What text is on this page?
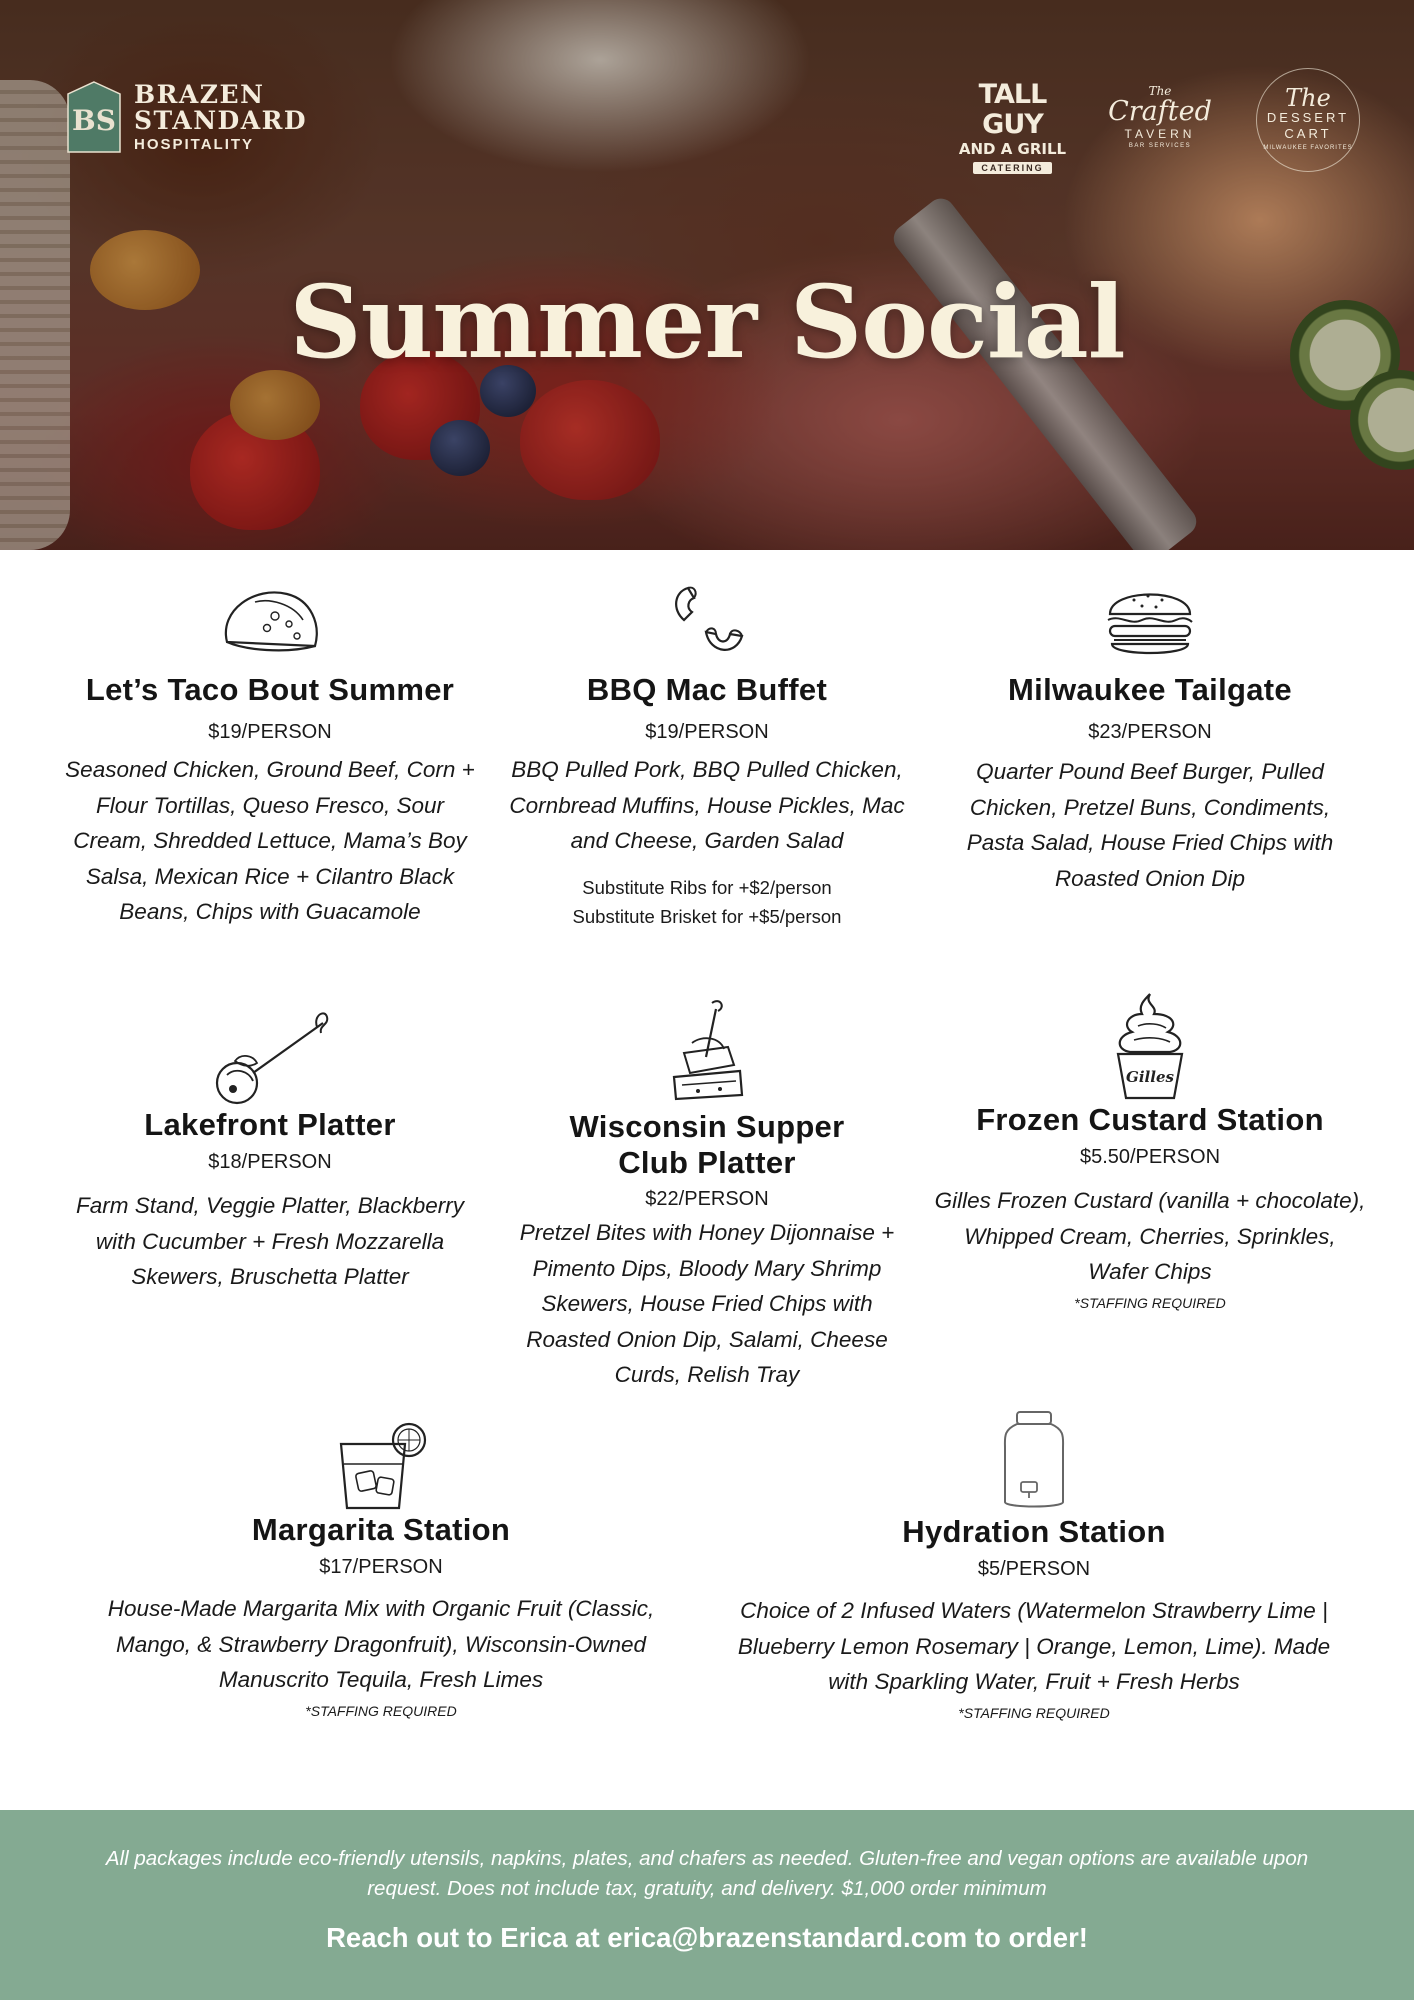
BS
BRAZEN
STANDARD
HOSPITALITY
TALL GUY
AND A GRILL
CATERING
The
Crafted
TAVERN
BAR SERVICES
The
DESSERT
CART
MILWAUKEE FAVORITES
Summer Social
Let’s Taco Bout Summer
$19/PERSON
Seasoned Chicken, Ground Beef, Corn + Flour Tortillas, Queso Fresco, Sour Cream, Shredded Lettuce, Mama’s Boy Salsa, Mexican Rice + Cilantro Black Beans, Chips with Guacamole
BBQ Mac Buffet
$19/PERSON
BBQ Pulled Pork, BBQ Pulled Chicken, Cornbread Muffins, House Pickles, Mac and Cheese, Garden Salad
Substitute Ribs for +$2/person
Substitute Brisket for +$5/person
Milwaukee Tailgate
$23/PERSON
Quarter Pound Beef Burger, Pulled Chicken, Pretzel Buns, Condiments, Pasta Salad, House Fried Chips with Roasted Onion Dip
Lakefront Platter
$18/PERSON
Farm Stand, Veggie Platter, Blackberry with Cucumber + Fresh Mozzarella Skewers, Bruschetta Platter
Wisconsin Supper Club Platter
$22/PERSON
Pretzel Bites with Honey Dijonnaise + Pimento Dips, Bloody Mary Shrimp Skewers, House Fried Chips with Roasted Onion Dip, Salami, Cheese Curds, Relish Tray
Gilles
Frozen Custard Station
$5.50/PERSON
Gilles Frozen Custard (vanilla + chocolate), Whipped Cream, Cherries, Sprinkles, Wafer Chips
*STAFFING REQUIRED
Margarita Station
$17/PERSON
House-Made Margarita Mix with Organic Fruit (Classic, Mango, & Strawberry Dragonfruit), Wisconsin-Owned Manuscrito Tequila, Fresh Limes
*STAFFING REQUIRED
Hydration Station
$5/PERSON
Choice of 2 Infused Waters (Watermelon Strawberry Lime | Blueberry Lemon Rosemary | Orange, Lemon, Lime). Made with Sparkling Water, Fruit + Fresh Herbs
*STAFFING REQUIRED
All packages include eco-friendly utensils, napkins, plates, and chafers as needed. Gluten-free and vegan options are available upon request. Does not include tax, gratuity, and delivery. $1,000 order minimum
Reach out to Erica at erica@brazenstandard.com to order!
